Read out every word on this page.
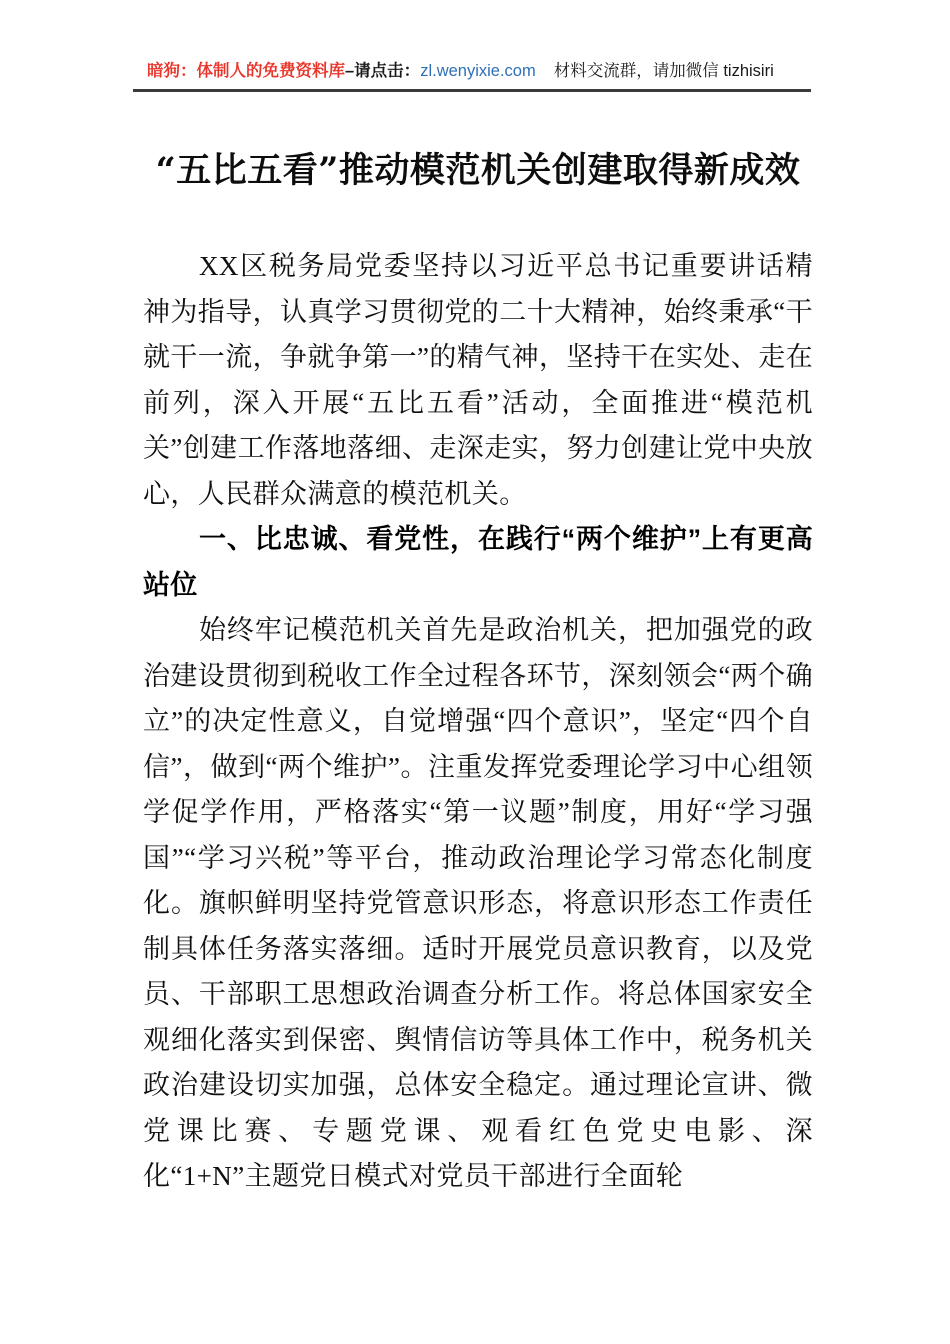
暗狗：体制人的免费资料库–请点击：zl.wenyixie.com 材料交流群，请加微信 tizhisiri
“五比五看”推动模范机关创建取得新成效

XX区税务局党委坚持以习近平总书记重要讲话精神为指导，认真学习贯彻党的二十大精神，始终秉承“干就干一流，争就争第一”的精气神，坚持干在实处、走在前列，深入开展“五比五看”活动，全面推进“模范机关”创建工作落地落细、走深走实，努力创建让党中央放心，人民群众满意的模范机关。

一、比忠诚、看党性，在践行“两个维护”上有更高站位

始终牢记模范机关首先是政治机关，把加强党的政治建设贯彻到税收工作全过程各环节，深刻领会“两个确立”的决定性意义，自觉增强“四个意识”，坚定“四个自信”，做到“两个维护”。注重发挥党委理论学习中心组领学促学作用，严格落实“第一议题”制度，用好“学习强国”“学习兴税”等平台，推动政治理论学习常态化制度化。旗帜鲜明坚持党管意识形态，将意识形态工作责任制具体任务落实落细。适时开展党员意识教育，以及党员、干部职工思想政治调查分析工作。将总体国家安全观细化落实到保密、舆情信访等具体工作中，税务机关政治建设切实加强，总体安全稳定。通过理论宣讲、微党课比赛、专题党课、观看红色党史电影、深化“1+N”主题党日模式对党员干部进行全面轮
